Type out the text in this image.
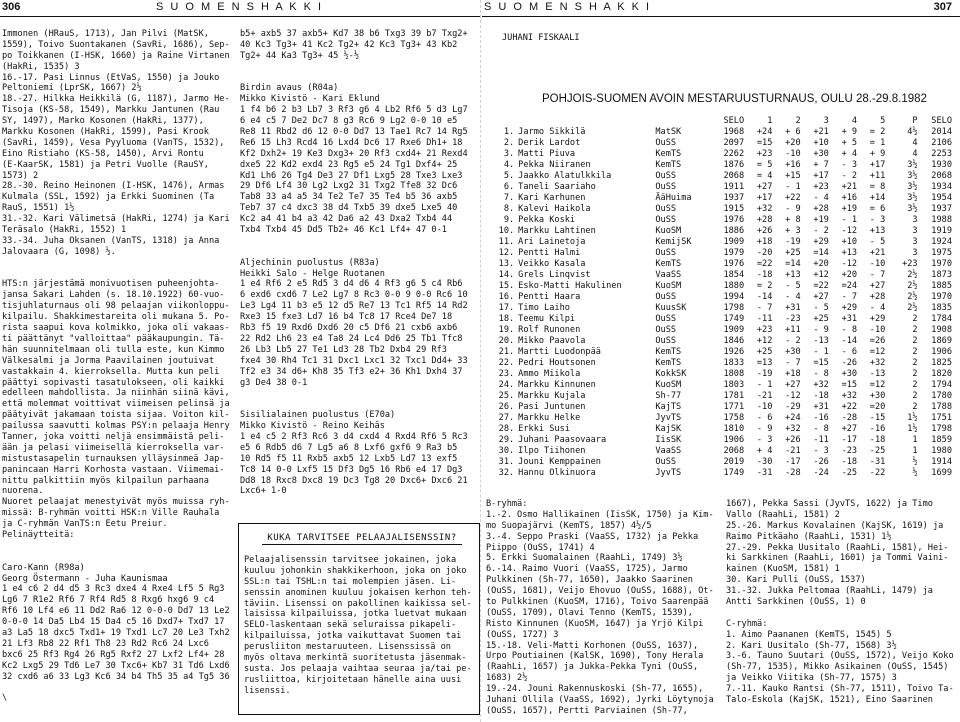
306	S U O M E N S H A K K I
Immonen (HRauS, 1713), Jan Pilvi (MatSK,
1559), Toivo Suontakanen (SavRi, 1686), Sep-
po Toikkanen (I-HSK, 1660) ja Raine Virtanen
(HakRi, 1535) 3
16.-17. Pasi Linnus (EtVaS, 1550) ja Jouko
Peltoniemi (LprSK, 1667) 2½
18.-27. Hilkka Heikkilä (G, 1187), Jarmo He-
Tisoja (KS-58, 1549), Markku Jantunen (Rau
SY, 1497), Marko Kosonen (HakRi, 1377),
Markku Kosonen (HakRi, 1599), Pasi Krook
(SavRi, 1459), Vesa Pyyluoma (VanTS, 1532),
Eino Ristiaho (KS-58, 1450), Arvi Rontu
(E-KaarSK, 1581) ja Petri Vuolle (RauSY,
1573) 2
28.-30. Reino Heinonen (I-HSK, 1476), Armas
Kulmala (SSL, 1592) ja Erkki Suominen (Ta
RauS, 1551) 1½
31.-32. Kari Välimetsä (HakRi, 1274) ja Kari
Teräsalo (HakRi, 1552) 1
33.-34. Juha Oksanen (VanTS, 1318) ja Anna
Jalovaara (G, 1098) ½.
HTS:n järjestämä monivuotisen puheenjohta-
jansa Sakari Lahden (s. 18.10.1922) 60-vuo-
tisjuhlaturnaus oli 98 pelaajan viikonloppu-
kilpailu. Shakkimestareita oli mukana 5. Po-
rista saapui kova kolmikko, joka oli vakaas-
ti päättänyt "valloittaa" pääkaupungin. Tä-
hän suunnitelmaan oli tulla este, kun Kimmo
Välkesalmi ja Jorma Paavilainen joutuivat
vastakkain 4. kierroksella. Mutta kun peli
päättyi sopivasti tasatulokseen, oli kaikki
edelleen mahdollista. Ja niinhän siinä kävi,
että molemmat voittivat viimeisen pelinsä ja
päätyivät jakamaan toista sijaa. Voiton kil-
pailussa saavutti kolmas PSY:n pelaaja Henry
Tanner, joka voitti neljä ensimmäistä peli-
ään ja pelasi viimeisellä kierroksella var-
mistustasapelin turnauksen ylläysinmeä Jap-
panincaan Harri Korhosta vastaan. Viimemai-
nittu palkittiin myös kilpailun parhaana
nuorena.
Nuoret pelaajat menestyivät myös muissa ryh-
missä: B-ryhmän voitti HSK:n Ville Rauhala
ja C-ryhmän VanTS:n Eetu Preiur.
Pelinäytteitä:
Caro-Kann (R98a)
Georg Östermann - Juha Kaunismaa
1 e4 c6 2 d4 d5 3 Rc3 dxe4 4 Rxe4 Lf5 5 Rg3
Lg6 7 R1e2 Rf6 7 Rf4 Rd5 8 Rxg6 hxg6 9 c4
Rf6 10 Lf4 e6 11 Dd2 Ra6 12 0-0-0 Dd7 13 Le2
0-0-0 14 Da5 Lb4 15 Da4 c5 16 Dxd7+ Txd7 17
a3 La5 18 dxc5 Txd1+ 19 Txd1 Lc7 20 Le3 Txh2
21 Lf3 Rb8 22 Rf1 Th8 23 Rd2 Rc6 24 Lxc6
bxc6 25 Rf3 Rg4 26 Rg5 Rxf2 27 Lxf2 Lf4+ 28
Kc2 Lxg5 29 Td6 Le7 30 Txc6+ Kb7 31 Td6 Lxd6
32 cxd6 a6 33 Lg3 Kc6 34 b4 Th5 35 a4 Tg5 36
\
b5+ axb5 37 axb5+ Kd7 38 b6 Txg3 39 b7 Txg2+
40 Kc3 Tg3+ 41 Kc2 Tg2+ 42 Kc3 Tg3+ 43 Kb2
Tg2+ 44 Ka3 Tg3+ 45 ½-½
Birdin avaus (R04a)
Mikko Kivistö - Kari Eklund
1 f4 b6 2 b3 Lb7 3 Rf3 g6 4 Lb2 Rf6 5 d3 Lg7
6 e4 c5 7 De2 Dc7 8 g3 Rc6 9 Lg2 0-0 10 e5
Re8 11 Rbd2 d6 12 0-0 Dd7 13 Tae1 Rc7 14 Rg5
Re6 15 Lh3 Rcd4 16 Lxd4 Dc6 17 Rxe6 Dh1+ 18
Kf2 Dxh2+ 19 Ke3 Dxg3+ 20 Rf3 cxd4+ 21 Rexd4
dxe5 22 Kd2 exd4 23 Rg5 e5 24 Tg1 Dxf4+ 25
Kd1 Lh6 26 Tg4 De3 27 Df1 Lxg5 28 Txe3 Lxe3
29 Df6 Lf4 30 Lg2 Lxg2 31 Txg2 Tfe8 32 Dc6
Tab8 33 a4 a5 34 Te2 Te7 35 Te4 b5 36 axb5
Teb7 37 c4 dxc3 38 d4 Txb5 39 dxe5 Lxe5 40
Kc2 a4 41 b4 a3 42 Da6 a2 43 Dxa2 Txb4 44
Txb4 Txb4 45 Dd5 Tb2+ 46 Kc1 Lf4+ 47 0-1
Aljechinin puolustus (R83a)
Heikki Salo - Helge Ruotanen
1 e4 Rf6 2 e5 Rd5 3 d4 d6 4 Rf3 g6 5 c4 Rb6
6 exd6 cxd6 7 Le2 Lg7 8 Rc3 0-0 9 0-0 Rc6 10
Le3 Lg4 11 b3 e5 12 d5 Re7 13 Tc1 Rf5 14 Rd2
Rxe3 15 fxe3 Ld7 16 b4 Tc8 17 Rce4 De7 18
Rb3 f5 19 Rxd6 Dxd6 20 c5 Df6 21 cxb6 axb6
22 Rd2 Lh6 23 e4 Ta8 24 Lc4 Dd6 25 Tb1 Tfc8
26 Lb3 Lb5 27 Te1 Ld3 28 Tb2 Dxb4 29 Rf3
fxe4 30 Rh4 Tc1 31 Dxc1 Lxc1 32 Txc1 Dd4+ 33
Tf2 e3 34 d6+ Kh8 35 Tf3 e2+ 36 Kh1 Dxh4 37
g3 De4 38 0-1
Sisilialainen puolustus (E70a)
Mikko Kivistö - Reino Keihäs
1 e4 c5 2 Rf3 Rc6 3 d4 cxd4 4 Rxd4 Rf6 5 Rc3
e5 6 Rdb5 d6 7 Lg5 a6 8 Lxf6 gxf6 9 Ra3 b5
10 Rd5 f5 11 Rxb5 axb5 12 Lxb5 Ld7 13 exf5
Tc8 14 0-0 Lxf5 15 Df3 Dg5 16 Rb6 e4 17 Dg3
Dd8 18 Rxc8 Dxc8 19 Dc3 Tg8 20 Dxc6+ Dxc6 21
Lxc6+ 1-0
KUKA TARVITSEE PELAAJALISENSSIN?
Pelaajalisenssin tarvitsee jokainen, joka
kuuluu johonkin shakkikerhoon, joka on joko
SSL:n tai TSHL:n tai molempien jäsen. Li-
senssin anominen kuuluu jokaisen kerhon teh-
täviin. Lisenssi on pakollinen kaikissa sel-
laisissa kilpailuissa, jotka luetvat mukaan
SELO-laskentaan sekä seluraissa pikapeli-
kilpailuissa, jotka vaikuttavat Suomen tai
perusliiton mestaruuteen. Lisenssissä on
myös oltava merkintä suoritetusta jäsenmak-
susta. Jos pelaaja vaihtaa seuraa ja/tai pe-
rusliittoa, kirjoitetaan hänelle aina uusi
lisenssi.
S U O M E N S H A K K I	307
JUHANI FISKAALI
POHJOIS-SUOMEN AVOIN MESTARUUSTURNAUS, OULU 28.-29.8.1982
			SELO	1	2	3	4	5	P	SELO
1.	Jarmo Sikkilä	MatSK	1968	+24	+ 6	+21	+ 9	= 2	4½	2014
2.	Derik Lardot	OuSS	2097	=15	+20	+10	+ 5	= 1	4	2106
3.	Matti Piuva	KemTS	2262	+23	-10	+30	+ 4	+ 9	4	2253
4.	Pekka Niiranen	KemTS	1876	= 5	+16	+ 7	- 3	+17	3½	1930
5.	Jaakko Alatulkkila	OuSS	2068	= 4	+15	+17	- 2	+11	3½	2068
6.	Taneli Saariaho	OuSS	1911	+27	- 1	+23	+21	= 8	3½	1934
7.	Kari Karhunen	ÄäHuima	1937	+17	+22	- 4	+16	+14	3½	1954
8.	Kalevi Haikola	OuSS	1915	+32	- 9	+28	+19	= 6	3½	1937
9.	Pekka Koski	OuSS	1976	+28	+ 8	+19	- 1	- 3	3	1988
10.	Markku Lahtinen	KuoSM	1886	+26	+ 3	- 2	-12	+13	3	1919
11.	Ari Lainetoja	KemijSK	1909	+18	-19	+29	+10	- 5	3	1924
12.	Pentti Halmi	OuSS	1979	-20	+25	=14	+13	+21	3	1975
13.	Veikko Kasala	KemTS	1976	=22	=14	+20	-12	-10	+23	1970
14.	Grels Linqvist	VaaSS	1854	-18	+13	+12	+20	- 7	2½	1873
15.	Esko-Matti Hakulinen	KuoSM	1880	= 2	- 5	=22	=24	+27	2½	1885
16.	Pentti Haara	OuSS	1994	-14	- 4	+27	- 7	+28	2½	1970
17.	Timo Laiho	KuusSK	1798	- 7	+31	- 5	+29	- 4	2½	1835
18.	Teemu Kilpi	OuSS	1749	-11	-23	+25	+31	+29	2	1784
19.	Rolf Runonen	OuSS	1909	+23	+11	- 9	- 8	-10	2	1908
20.	Mikko Paavola	OuSS	1846	+12	- 2	-13	-14	=26	2	1869
21.	Martti Luodonpää	KemTS	1926	+25	+30	- 1	- 6	=12	2	1906
22.	Pedri Houtsonen	KemTS	1833	=13	- 7	=15	-26	+32	2	1825
23.	Ammo Miikola	KokkSK	1808	-19	+18	- 8	+30	-13	2	1820
24.	Markku Kinnunen	KuoSM	1803	- 1	+27	+32	=15	=12	2	1794
25.	Markku Kujala	Sh-77	1781	-21	-12	-18	+32	+30	2	1780
26.	Pasi Juntunen	KajTS	1771	-10	-29	+31	+22	=20	2	1788
27.	Markku Helke	JyvTS	1758	- 6	+24	-16	-28	-15	1½	1751
28.	Erkki Susi	KajSK	1810	- 9	+32	- 8	+27	-16	1½	1798
29.	Juhani Paasovaara	IisSK	1906	- 3	+26	-11	-17	-18	1	1859
30.	Ilpo Tiihonen	VaaSS	2068	+ 4	-21	- 3	-23	-25	1	1980
31.	Jouni Kemppainen	OuSS	2019	-30	-17	-26	-18	-31	½	1914
32.	Hannu Olkinuora	JyvTS	1749	-31	-28	-24	-25	-22	½	1699
B-ryhmä:
1.-2. Osmo Hallikainen (IisSK, 1750) ja Kim-
mo Suopajärvi (KemTS, 1857) 4½/5
3.-4. Seppo Praski (VaaSS, 1732) ja Pekka
Piippo (OuSS, 1741) 4
5. Erkki Suomalainen (RaahLi, 1749) 3½
6.-14. Raimo Vuori (VaaSS, 1725), Jarmo
Pulkkinen (Sh-77, 1650), Jaakko Saarinen
(OuSS, 1681), Veijo Ehovuo (OuSS, 1688), Ot-
to Pulkkinen (KuoSM, 1716), Toivo Saarenpää
(OuSS, 1709), Olavi Tenno (KemTS, 1539),
Risto Kinnunen (KuoSM, 1647) ja Yrjö Kilpi
(OuSS, 1727) 3
15.-18. Veli-Matti Korhonen (OuSS, 1637),
Urpo Poutiainen (KalSK, 1690), Tony Herala
(RaahLi, 1657) ja Jukka-Pekka Tyni (OuSS,
1683) 2½
19.-24. Jouni Rakennuskoski (Sh-77, 1655),
Juhani Ollila (VaaSS, 1692), Jyrki Löytynoja
(OuSS, 1657), Pertti Parviainen (Sh-77,
1667), Pekka Sassi (JyvTS, 1622) ja Timo
Vallo (RaahLi, 1581) 2
25.-26. Markus Kovalainen (KajSK, 1619) ja
Raimo Pitkäaho (RaahLi, 1531) 1½
27.-29. Pekka Uusitalo (RaahLi, 1581), Hei-
ki Sarkkinen (RaahLi, 1601) ja Tommi Vaini-
kainen (KuoSM, 1581) 1
30. Kari Pulli (OuSS, 1537)
31.-32. Jukka Peltomaa (RaahLi, 1479) ja
Antti Sarkkinen (OuSS, 1) 0
C-ryhmä:
1. Aimo Paananen (KemTS, 1545) 5
2. Kari Uusitalo (Sh-77, 1568) 3½
3.-6. Tauno Suutari (OuSS, 1572), Veijo Koko
(Sh-77, 1535), Mikko Asikainen (OuSS, 1545)
ja Veikko Viitika (Sh-77, 1575) 3
7.-11. Kauko Rantsi (Sh-77, 1511), Toivo Ta-
Talo-Eskola (KajSK, 1521), Eino Saarinen
